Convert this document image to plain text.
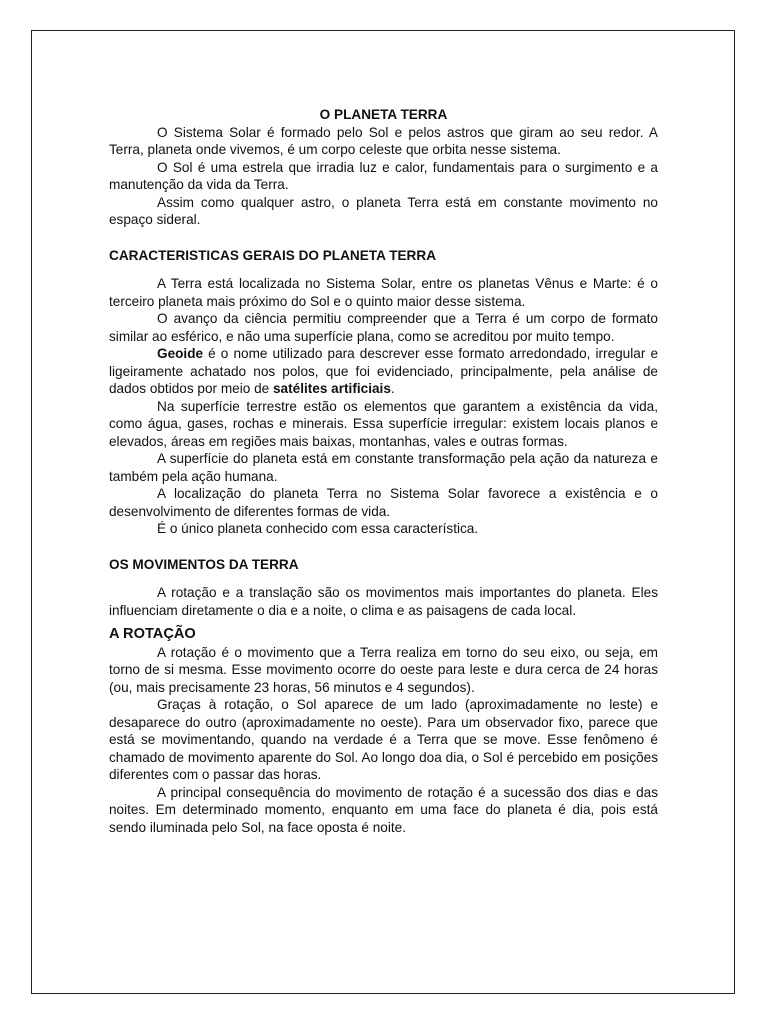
O PLANETA TERRA

O Sistema Solar é formado pelo Sol e pelos astros que giram ao seu redor. A Terra, planeta onde vivemos, é um corpo celeste que orbita nesse sistema.

O Sol é uma estrela que irradia luz e calor, fundamentais para o surgimento e a manutenção da vida da Terra.

Assim como qualquer astro, o planeta Terra está em constante movimento no espaço sideral.

CARACTERISTICAS GERAIS DO PLANETA TERRA

A Terra está localizada no Sistema Solar, entre os planetas Vênus e Marte: é o terceiro planeta mais próximo do Sol e o quinto maior desse sistema.

O avanço da ciência permitiu compreender que a Terra é um corpo de formato similar ao esférico, e não uma superfície plana, como se acreditou por muito tempo.

Geoide é o nome utilizado para descrever esse formato arredondado, irregular e ligeiramente achatado nos polos, que foi evidenciado, principalmente, pela análise de dados obtidos por meio de satélites artificiais.

Na superfície terrestre estão os elementos que garantem a existência da vida, como água, gases, rochas e minerais. Essa superfície irregular: existem locais planos e elevados, áreas em regiões mais baixas, montanhas, vales e outras formas.

A superfície do planeta está em constante transformação pela ação da natureza e também pela ação humana.

A localização do planeta Terra no Sistema Solar favorece a existência e o desenvolvimento de diferentes formas de vida.

É o único planeta conhecido com essa característica.

OS MOVIMENTOS DA TERRA

A rotação e a translação são os movimentos mais importantes do planeta. Eles influenciam diretamente o dia e a noite, o clima e as paisagens de cada local.

A ROTAÇÃO

A rotação é o movimento que a Terra realiza em torno do seu eixo, ou seja, em torno de si mesma. Esse movimento ocorre do oeste para leste e dura cerca de 24 horas (ou, mais precisamente 23 horas, 56 minutos e 4 segundos).

Graças à rotação, o Sol aparece de um lado (aproximadamente no leste) e desaparece do outro (aproximadamente no oeste). Para um observador fixo, parece que está se movimentando, quando na verdade é a Terra que se move. Esse fenômeno é chamado de movimento aparente do Sol. Ao longo doa dia, o Sol é percebido em posições diferentes com o passar das horas.

A principal consequência do movimento de rotação é a sucessão dos dias e das noites. Em determinado momento, enquanto em uma face do planeta é dia, pois está sendo iluminada pelo Sol, na face oposta é noite.
